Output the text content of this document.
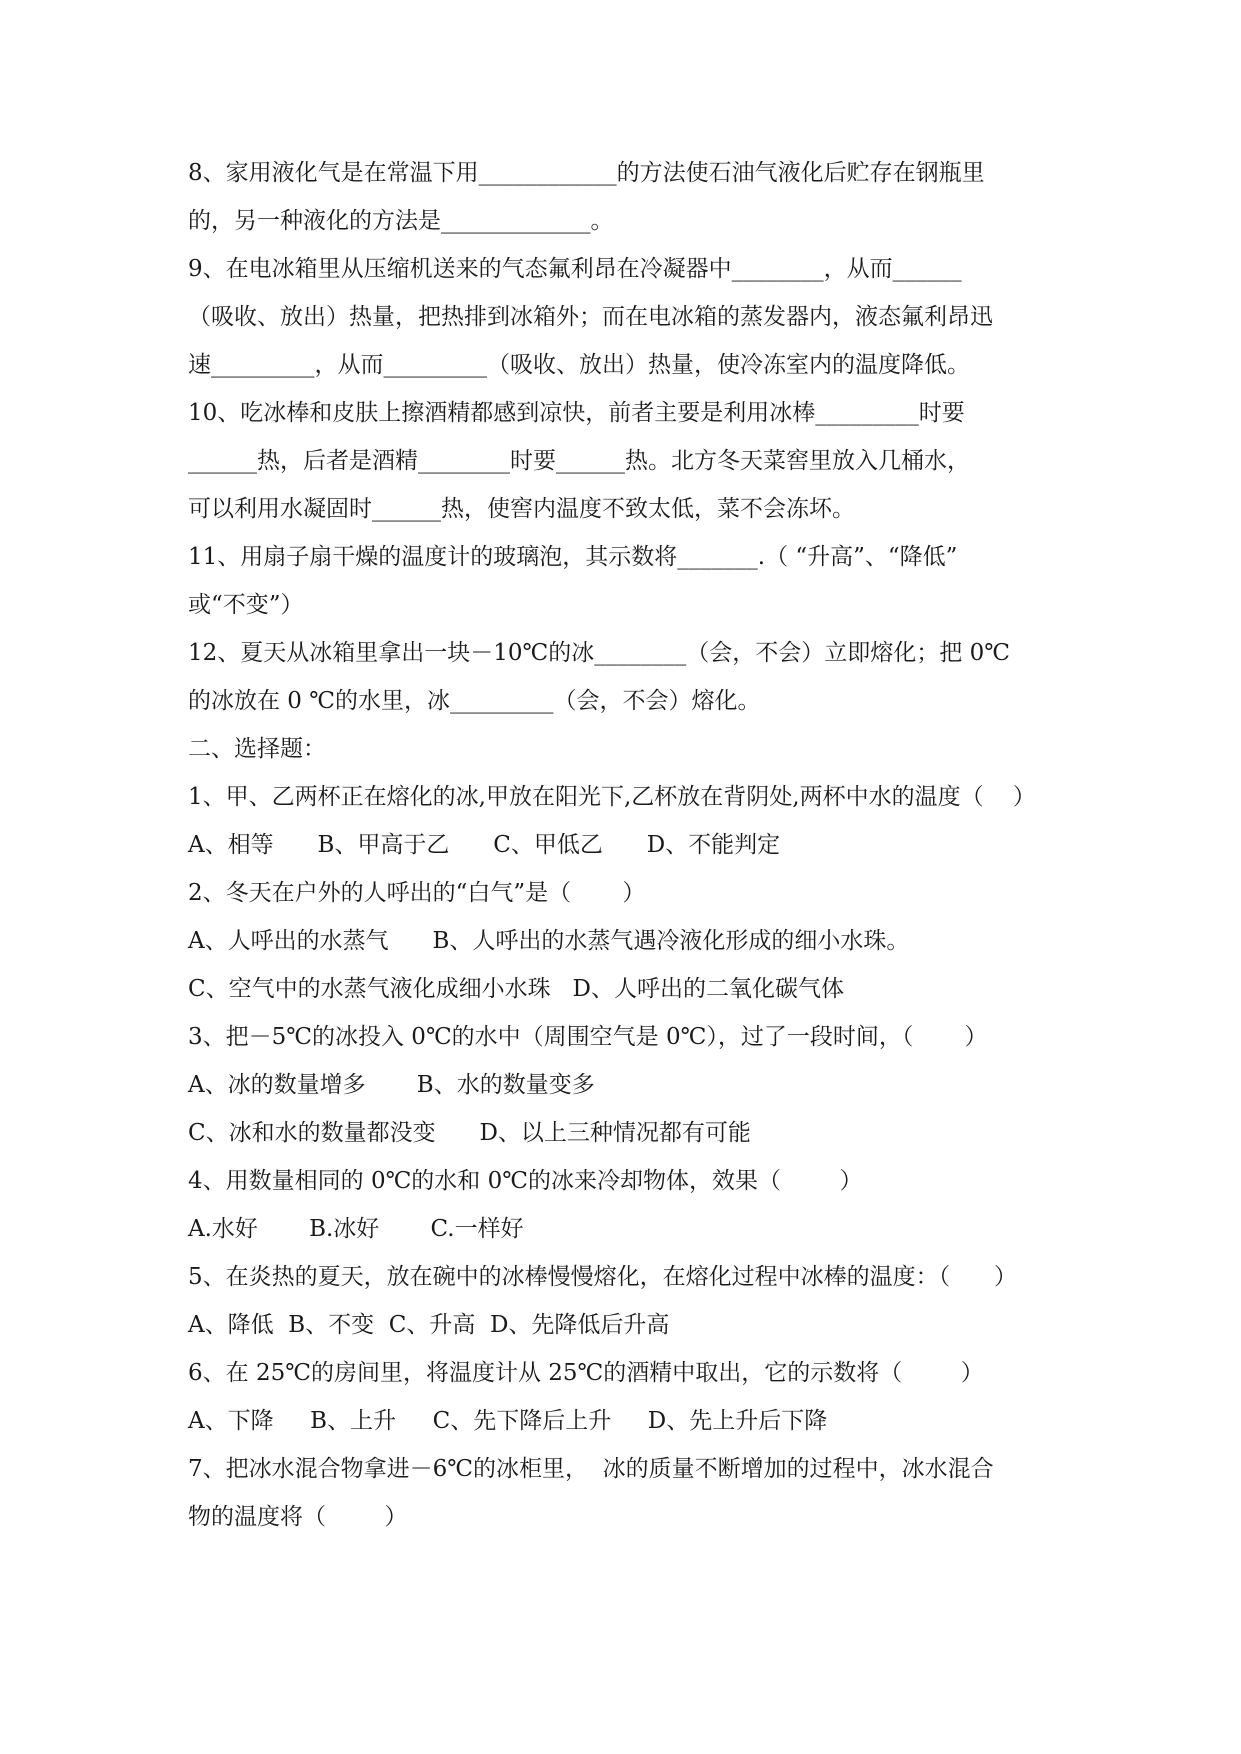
8、家用液化气是在常温下用____________的方法使石油气液化后贮存在钢瓶里
的，另一种液化的方法是_____________。
9、在电冰箱里从压缩机送来的气态氟利昂在冷凝器中________，从而______
（吸收、放出）热量，把热排到冰箱外；而在电冰箱的蒸发器内，液态氟利昂迅
速_________，从而_________（吸收、放出）热量，使冷冻室内的温度降低。
10、吃冰棒和皮肤上擦酒精都感到凉快，前者主要是利用冰棒_________时要
______热，后者是酒精________时要______热。北方冬天菜窖里放入几桶水，
可以利用水凝固时______热，使窖内温度不致太低，菜不会冻坏。
11、用扇子扇干燥的温度计的玻璃泡，其示数将_______.（ “升高”、“降低”
或“不变”）
12、夏天从冰箱里拿出一块－10℃的冰________（会，不会）立即熔化；把 0℃
的冰放在 0 ℃的水里，冰_________（会，不会）熔化。
二、选择题：
1、甲、乙两杯正在熔化的冰,甲放在阳光下,乙杯放在背阴处,两杯中水的温度（    ）
A、相等      B、甲高于乙      C、甲低乙      D、不能判定
2、冬天在户外的人呼出的“白气”是（       ）
A、人呼出的水蒸气      B、人呼出的水蒸气遇冷液化形成的细小水珠。
C、空气中的水蒸气液化成细小水珠   D、人呼出的二氧化碳气体
3、把－5℃的冰投入 0℃的水中（周围空气是 0℃），过了一段时间，（       ）
A、冰的数量增多       B、水的数量变多
C、冰和水的数量都没变      D、以上三种情况都有可能
4、用数量相同的 0℃的水和 0℃的冰来冷却物体，效果（        ）
A.水好       B.冰好       C.一样好
5、在炎热的夏天，放在碗中的冰棒慢慢熔化，在熔化过程中冰棒的温度：（      ）
A、降低  B、不变  C、升高  D、先降低后升高
6、在 25℃的房间里，将温度计从 25℃的酒精中取出，它的示数将（        ）
A、下降     B、上升     C、先下降后上升     D、先上升后下降
7、把冰水混合物拿进－6℃的冰柜里，  冰的质量不断增加的过程中，冰水混合
物的温度将（        ）
